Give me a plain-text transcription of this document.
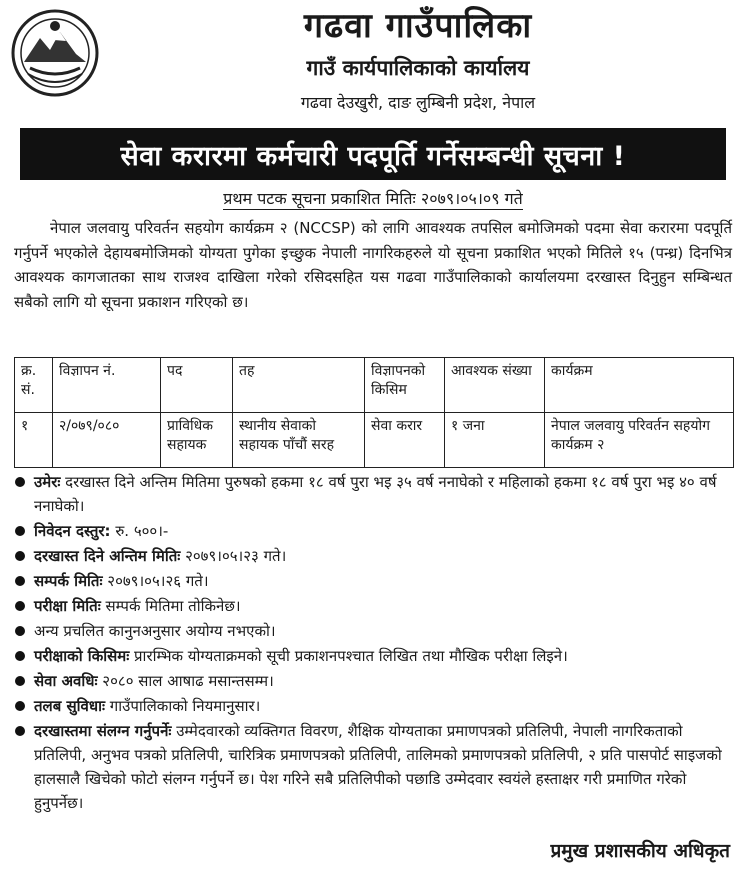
गढवा गाउँपालिका
गाउँ कार्यपालिकाको कार्यालय
गढवा देउखुरी, दाङ लुम्बिनी प्रदेश, नेपाल
सेवा करारमा कर्मचारी पदपूर्ति गर्नेसम्बन्धी सूचना !
प्रथम पटक सूचना प्रकाशित मितिः २०७९।०५।०९ गते

नेपाल जलवायु परिवर्तन सहयोग कार्यक्रम २ (NCCSP) को लागि आवश्यक तपसिल बमोजिमको पदमा सेवा करारमा पदपूर्ति गर्नुपर्ने भएकोले देहायबमोजिमको योग्यता पुगेका इच्छुक नेपाली नागरिकहरुले यो सूचना प्रकाशित भएको मितिले १५ (पन्ध्र) दिनभित्र आवश्यक कागजातका साथ राजश्व दाखिला गरेको रसिदसहित यस गढवा गाउँपालिकाको कार्यालयमा दरखास्त दिनुहुन सम्बिन्धत सबैको लागि यो सूचना प्रकाशन गरिएको छ।

क्र. सं.	विज्ञापन नं.	पद	तह	विज्ञापनको किसिम	आवश्यक संख्या	कार्यक्रम
१	२/०७९/०८०	प्राविधिक सहायक	स्थानीय सेवाको सहायक पाँचौं सरह	सेवा करार	१ जना	नेपाल जलवायु परिवर्तन सहयोग कार्यक्रम २
उमेरः दरखास्त दिने अन्तिम मितिमा पुरुषको हकमा १८ वर्ष पुरा भइ ३५ वर्ष ननाघेको र महिलाको हकमा १८ वर्ष पुरा भइ ४० वर्ष ननाघेको।
निवेदन दस्तुर: रु. ५००।-
दरखास्त दिने अन्तिम मितिः २०७९।०५।२३ गते।
सम्पर्क मितिः २०७९।०५।२६ गते।
परीक्षा मितिः सम्पर्क मितिमा तोकिनेछ।
अन्य प्रचलित कानुनअनुसार अयोग्य नभएको।
परीक्षाको किसिमः प्रारम्भिक योग्यताक्रमको सूची प्रकाशनपश्चात लिखित तथा मौखिक परीक्षा लिइने।
सेवा अवधिः २०८० साल आषाढ मसान्तसम्म।
तलब सुविधाः गाउँपालिकाको नियमानुसार।
दरखास्तमा संलग्न गर्नुपर्नेः उम्मेदवारको व्यक्तिगत विवरण, शैक्षिक योग्यताका प्रमाणपत्रको प्रतिलिपी, नेपाली नागरिकताको प्रतिलिपी, अनुभव पत्रको प्रतिलिपी, चारित्रिक प्रमाणपत्रको प्रतिलिपी, तालिमको प्रमाणपत्रको प्रतिलिपी, २ प्रति पासपोर्ट साइजको हालसालै खिचेको फोटो संलग्न गर्नुपर्ने छ। पेश गरिने सबै प्रतिलिपीको पछाडि उम्मेदवार स्वयंले हस्ताक्षर गरी प्रमाणित गरेको हुनुपर्नेछ।
प्रमुख प्रशासकीय अधिकृत
